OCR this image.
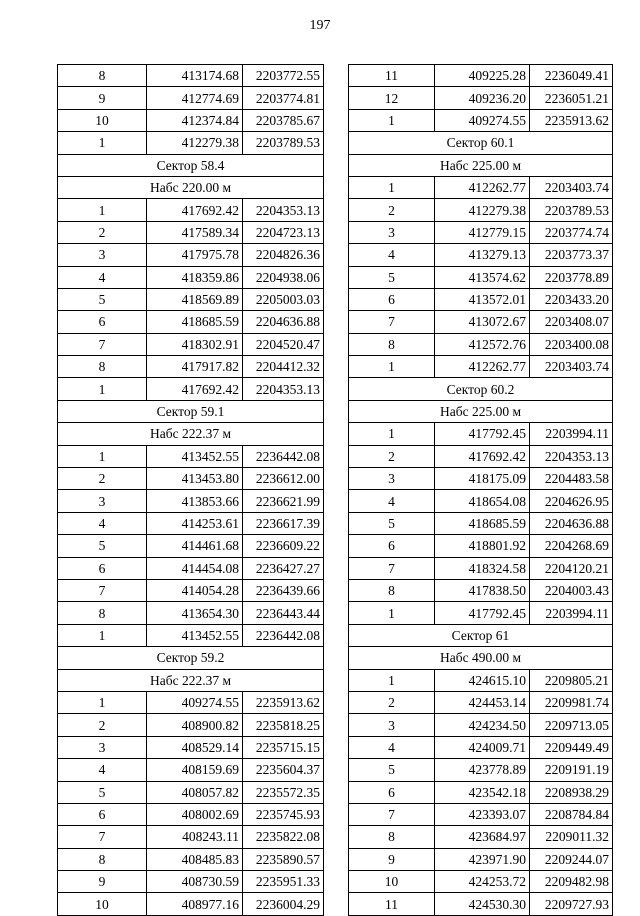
197
8	413174.68	2203772.55
9	412774.69	2203774.81
10	412374.84	2203785.67
1	412279.38	2203789.53
Сектор 58.4		
Набс 220.00 м		
1	417692.42	2204353.13
2	417589.34	2204723.13
3	417975.78	2204826.36
4	418359.86	2204938.06
5	418569.89	2205003.03
6	418685.59	2204636.88
7	418302.91	2204520.47
8	417917.82	2204412.32
1	417692.42	2204353.13
Сектор 59.1		
Набс 222.37 м		
1	413452.55	2236442.08
2	413453.80	2236612.00
3	413853.66	2236621.99
4	414253.61	2236617.39
5	414461.68	2236609.22
6	414454.08	2236427.27
7	414054.28	2236439.66
8	413654.30	2236443.44
1	413452.55	2236442.08
Сектор 59.2		
Набс 222.37 м		
1	409274.55	2235913.62
2	408900.82	2235818.25
3	408529.14	2235715.15
4	408159.69	2235604.37
5	408057.82	2235572.35
6	408002.69	2235745.93
7	408243.11	2235822.08
8	408485.83	2235890.57
9	408730.59	2235951.33
10	408977.16	2236004.29
11	409225.28	2236049.41
12	409236.20	2236051.21
1	409274.55	2235913.62
Сектор 60.1		
Набс 225.00 м		
1	412262.77	2203403.74
2	412279.38	2203789.53
3	412779.15	2203774.74
4	413279.13	2203773.37
5	413574.62	2203778.89
6	413572.01	2203433.20
7	413072.67	2203408.07
8	412572.76	2203400.08
1	412262.77	2203403.74
Сектор 60.2		
Набс 225.00 м		
1	417792.45	2203994.11
2	417692.42	2204353.13
3	418175.09	2204483.58
4	418654.08	2204626.95
5	418685.59	2204636.88
6	418801.92	2204268.69
7	418324.58	2204120.21
8	417838.50	2204003.43
1	417792.45	2203994.11
Сектор 61		
Набс 490.00 м		
1	424615.10	2209805.21
2	424453.14	2209981.74
3	424234.50	2209713.05
4	424009.71	2209449.49
5	423778.89	2209191.19
6	423542.18	2208938.29
7	423393.07	2208784.84
8	423684.97	2209011.32
9	423971.90	2209244.07
10	424253.72	2209482.98
11	424530.30	2209727.93
